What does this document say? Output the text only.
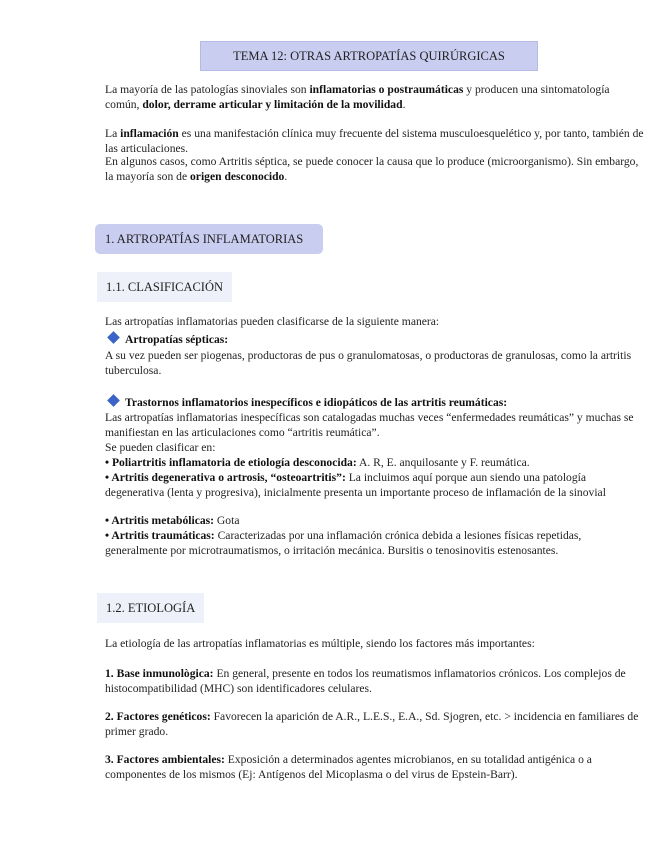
TEMA 12: OTRAS ARTROPATÍAS QUIRÚRGICAS

La mayoría de las patologías sinoviales son inflamatorias o postraumáticas y producen una sintomatología común, dolor, derrame articular y limitación de la movilidad.

La inflamación es una manifestación clínica muy frecuente del sistema musculoesquelético y, por tanto, también de las articulaciones.

En algunos casos, como Artritis séptica, se puede conocer la causa que lo produce (microorganismo). Sin embargo, la mayoría son de origen desconocido.

1. ARTROPATÍAS INFLAMATORIAS
1.1. CLASIFICACIÓN

Las artropatías inflamatorias pueden clasificarse de la siguiente manera:

Artropatías sépticas:

A su vez pueden ser piogenas, productoras de pus o granulomatosas, o productoras de granulosas, como la artritis tuberculosa.

Trastornos inflamatorios inespecíficos e idiopáticos de las artritis reumáticas:

Las artropatías inflamatorias inespecíficas son catalogadas muchas veces “enfermedades reumáticas” y muchas se manifiestan en las articulaciones como “artritis reumática”.

Se pueden clasificar en:

• Poliartritis inflamatoria de etiología desconocida: A. R, E. anquilosante y F. reumática.

• Artritis degenerativa o artrosis, “osteoartritis”: La incluimos aquí porque aun siendo una patología degenerativa (lenta y progresiva), inicialmente presenta un importante proceso de inflamación de la sinovial

• Artritis metabólicas: Gota

• Artritis traumáticas: Caracterizadas por una inflamación crónica debida a lesiones físicas repetidas, generalmente por microtraumatismos, o irritación mecánica. Bursitis o tenosinovitis estenosantes.

1.2. ETIOLOGÍA

La etiología de las artropatías inflamatorias es múltiple, siendo los factores más importantes:

1. Base inmunològica: En general, presente en todos los reumatismos inflamatorios crónicos. Los complejos de histocompatibilidad (MHC) son identificadores celulares.

2. Factores genéticos: Favorecen la aparición de A.R., L.E.S., E.A., Sd. Sjogren, etc. > incidencia en familiares de primer grado.

3. Factores ambientales: Exposición a determinados agentes microbianos, en su totalidad antigénica o a componentes de los mismos (Ej: Antígenos del Micoplasma o del virus de Epstein-Barr).
